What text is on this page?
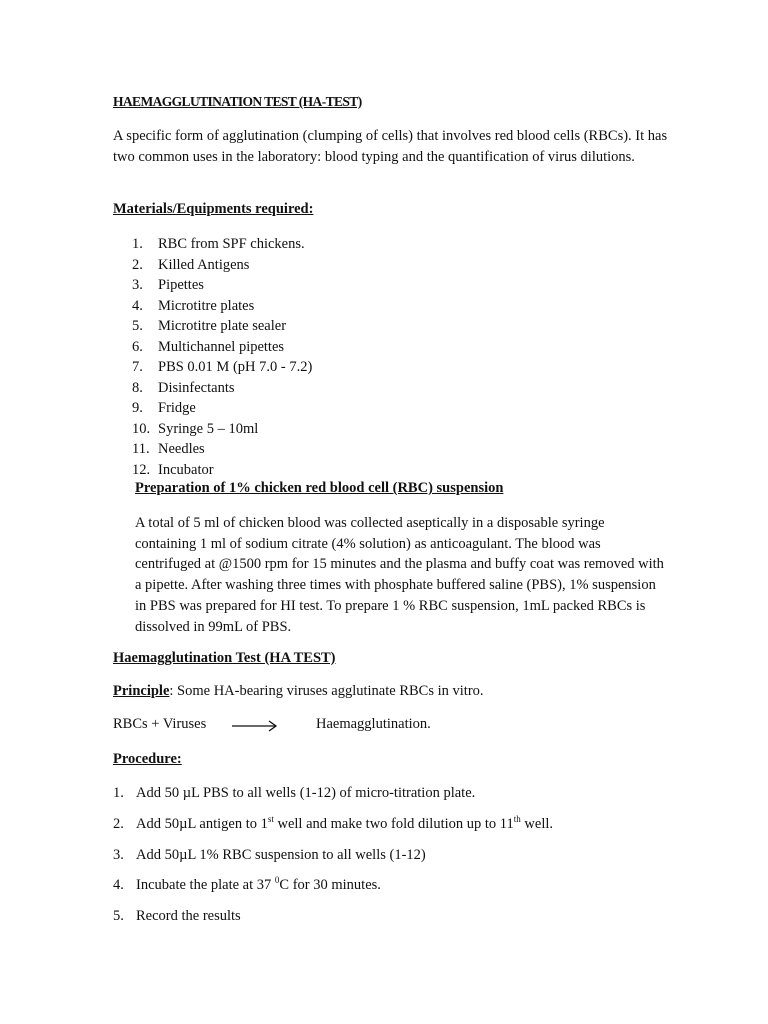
HAEMAGGLUTINATION TEST (HA-TEST)
A specific form of agglutination (clumping of cells) that involves red blood cells (RBCs). It has two common uses in the laboratory: blood typing and the quantification of virus dilutions.
Materials/Equipments required:
1. RBC from SPF chickens.
2. Killed Antigens
3. Pipettes
4. Microtitre plates
5. Microtitre plate sealer
6. Multichannel pipettes
7. PBS 0.01 M (pH 7.0 - 7.2)
8. Disinfectants
9. Fridge
10. Syringe 5 – 10ml
11. Needles
12. Incubator
Preparation of 1% chicken red blood cell (RBC) suspension
A total of 5 ml of chicken blood was collected aseptically in a disposable syringe containing 1 ml of sodium citrate (4% solution) as anticoagulant. The blood was centrifuged at @1500 rpm for 15 minutes and the plasma and buffy coat was removed with a pipette. After washing three times with phosphate buffered saline (PBS), 1% suspension in PBS was prepared for HI test. To prepare 1 % RBC suspension, 1mL packed RBCs is dissolved in 99mL of PBS.
Haemagglutination Test (HA TEST)
Principle: Some HA-bearing viruses agglutinate RBCs in vitro.
RBCs + Viruses	Haemagglutination.
Procedure:
1. Add 50 µL PBS to all wells (1-12) of micro-titration plate.
2. Add 50µL antigen to 1st well and make two fold dilution up to 11th well.
3. Add 50µL 1% RBC suspension to all wells (1-12)
4. Incubate the plate at 37 $^0$C for 30 minutes.
5. Record the results
